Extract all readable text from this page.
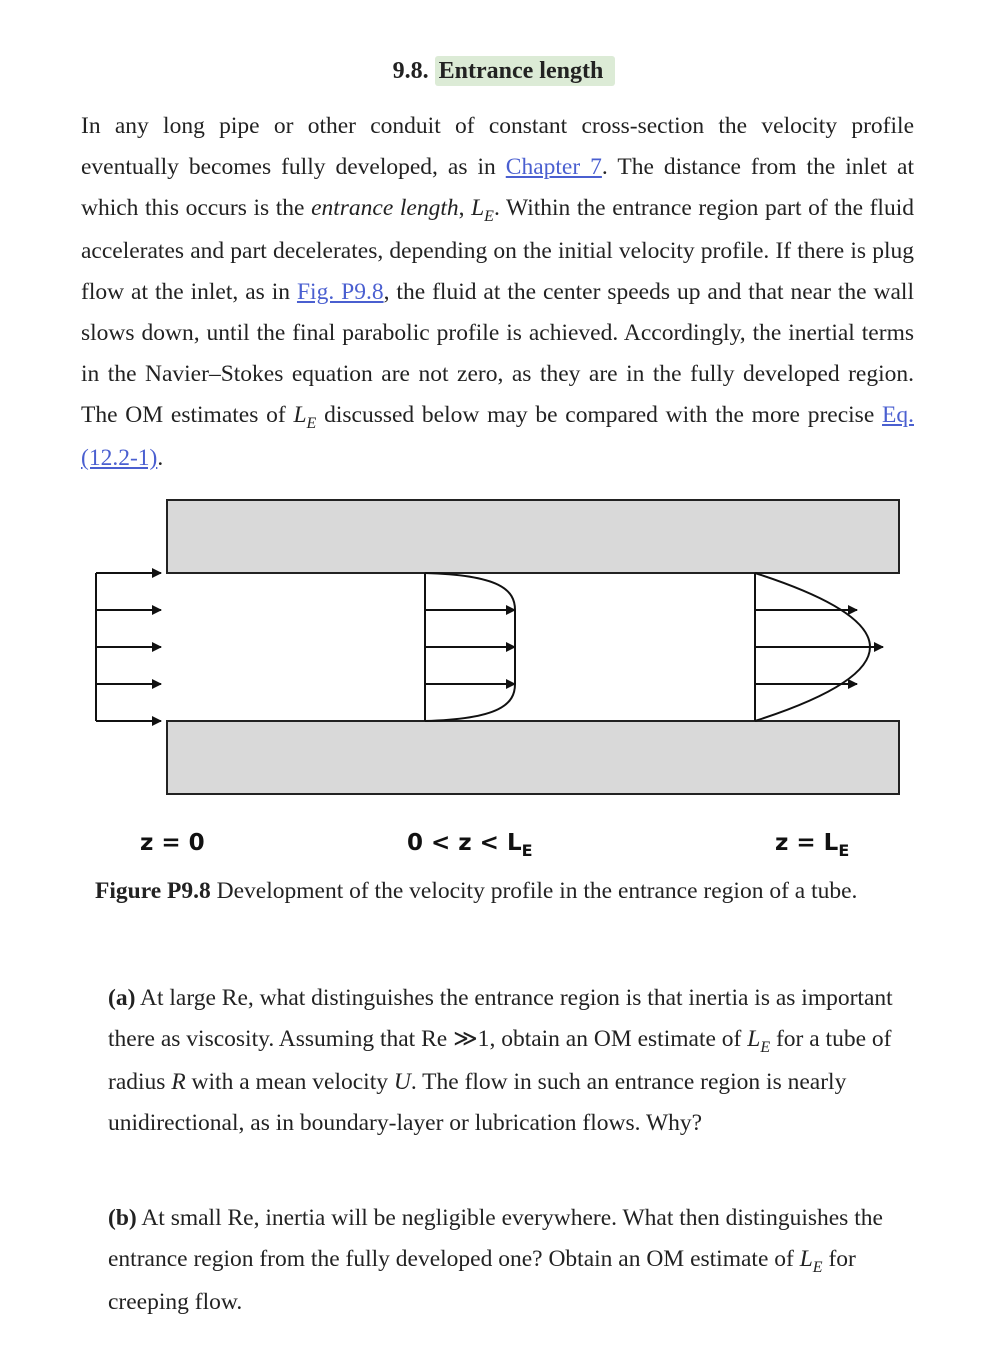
9.8. Entrance length
In any long pipe or other conduit of constant cross-section the velocity profile eventually becomes fully developed, as in Chapter 7. The distance from the inlet at which this occurs is the entrance length, $L_E$. Within the entrance region part of the fluid accelerates and part decelerates, depending on the initial velocity profile. If there is plug flow at the inlet, as in Fig. P9.8, the fluid at the center speeds up and that near the wall slows down, until the final parabolic profile is achieved. Accordingly, the inertial terms in the Navier–Stokes equation are not zero, as they are in the fully developed region. The OM estimates of $L_E$ discussed below may be compared with the more precise Eq. (12.2-1).
z = 0	$0 < z < L_E$	$z = L_E$
Figure P9.8 Development of the velocity profile in the entrance region of a tube.

(a) At large Re, what distinguishes the entrance region is that inertia is as important there as viscosity. Assuming that Re ≫1, obtain an OM estimate of $L_E$ for a tube of radius R with a mean velocity U. The flow in such an entrance region is nearly unidirectional, as in boundary-layer or lubrication flows. Why?

(b) At small Re, inertia will be negligible everywhere. What then distinguishes the entrance region from the fully developed one? Obtain an OM estimate of $L_E$ for creeping flow.
